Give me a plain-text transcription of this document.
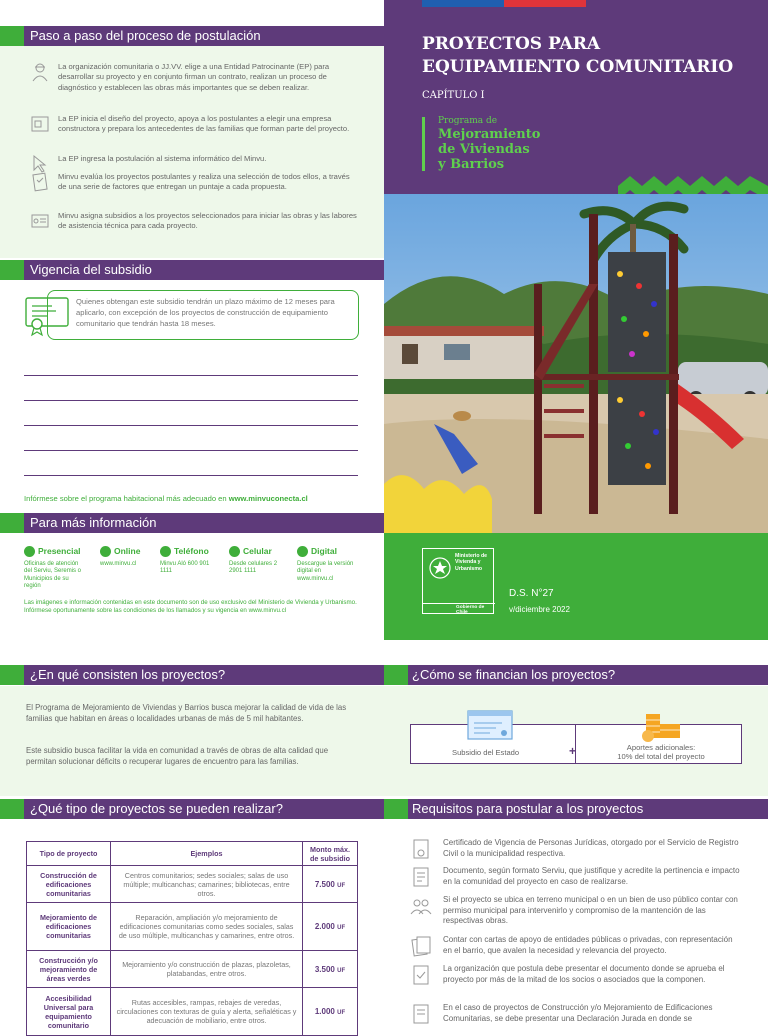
Paso a paso del proceso de postulación
La organización comunitaria o JJ.VV. elige a una Entidad Patrocinante (EP) para desarrollar su proyecto y en conjunto firman un contrato, realizan un proceso de diagnóstico y establecen las obras más importantes que se deben realizar.
La EP inicia el diseño del proyecto, apoya a los postulantes a elegir una empresa constructora y prepara los antecedentes de las familias que forman parte del proyecto.
La EP ingresa la postulación al sistema informático del Minvu.
Minvu evalúa los proyectos postulantes y realiza una selección de todos ellos, a través de una serie de factores que entregan un puntaje a cada propuesta.
Minvu asigna subsidios a los proyectos seleccionados para iniciar las obras y las labores de asistencia técnica para cada proyecto.
Vigencia del subsidio
Quienes obtengan este subsidio tendrán un plazo máximo de 12 meses para aplicarlo, con excepción de los proyectos de construcción de equipamiento comunitario que tendrán hasta 18 meses.
Infórmese sobre el programa habitacional más adecuado en www.minvuconecta.cl
Para más información
Presencial
Oficinas de atención del Serviu, Seremis o Municipios de su región
Online
www.minvu.cl
Teléfono
Minvu Aló 600 901 1111
Celular
Desde celulares 2 2901 1111
Digital
Descargue la versión digital en www.minvu.cl
Las imágenes e información contenidas en este documento son de uso exclusivo del Ministerio de Vivienda y Urbanismo. Infórmese oportunamente sobre las condiciones de los llamados y su vigencia en www.minvu.cl
PROYECTOS PARA
EQUIPAMIENTO COMUNITARIO
CAPÍTULO I
Programa de
Mejoramiento
de Viviendas
y Barrios
Ministerio de
Vivienda y
Urbanismo
Gobierno de Chile
D.S. N°27
v/diciembre 2022
¿En qué consisten los proyectos?
El Programa de Mejoramiento de Viviendas y Barrios busca mejorar la calidad de vida de las familias que habitan en áreas o localidades urbanas de más de 5 mil habitantes.
Este subsidio busca facilitar la vida en comunidad a través de obras de alta calidad que permitan solucionar déficits o recuperar lugares de encuentro para las familias.
¿Qué tipo de proyectos se pueden realizar?
Tipo de proyecto	Ejemplos	Monto máx. de subsidio
Construcción de edificaciones comunitarias	Centros comunitarios; sedes sociales; salas de uso múltiple; multicanchas; camarines; bibliotecas, entre otros.	7.500 UF
Mejoramiento de edificaciones comunitarias	Reparación, ampliación y/o mejoramiento de edificaciones comunitarias como sedes sociales, salas de uso múltiple, multicanchas y camarines, entre otros.	2.000 UF
Construcción y/o mejoramiento de áreas verdes	Mejoramiento y/o construcción de plazas, plazoletas, platabandas, entre otros.	3.500 UF
Accesibilidad Universal para equipamiento comunitario	Rutas accesibles, rampas, rebajes de veredas, circulaciones con texturas de guía y alerta, señaléticas y adecuación de mobiliario, entre otros.	1.000 UF
¿Cómo se financian los proyectos?
+
Subsidio del Estado
Aportes adicionales:
10% del total del proyecto
Requisitos para postular a los proyectos
Certificado de Vigencia de Personas Jurídicas, otorgado por el Servicio de Registro Civil o la municipalidad respectiva.
Documento, según formato Serviu, que justifique y acredite la pertinencia e impacto en la comunidad del proyecto en caso de realizarse.
Si el proyecto se ubica en terreno municipal o en un bien de uso público contar con permiso municipal para intervenirlo y compromiso de la mantención de las respectivas obras.
Contar con cartas de apoyo de entidades públicas o privadas, con representación en el barrio, que avalen la necesidad y relevancia del proyecto.
La organización que postula debe presentar el documento donde se aprueba el proyecto por más de la mitad de los socios o asociados que la componen.
En el caso de proyectos de Construcción y/o Mejoramiento de Edificaciones Comunitarias, se debe presentar una Declaración Jurada en donde se
